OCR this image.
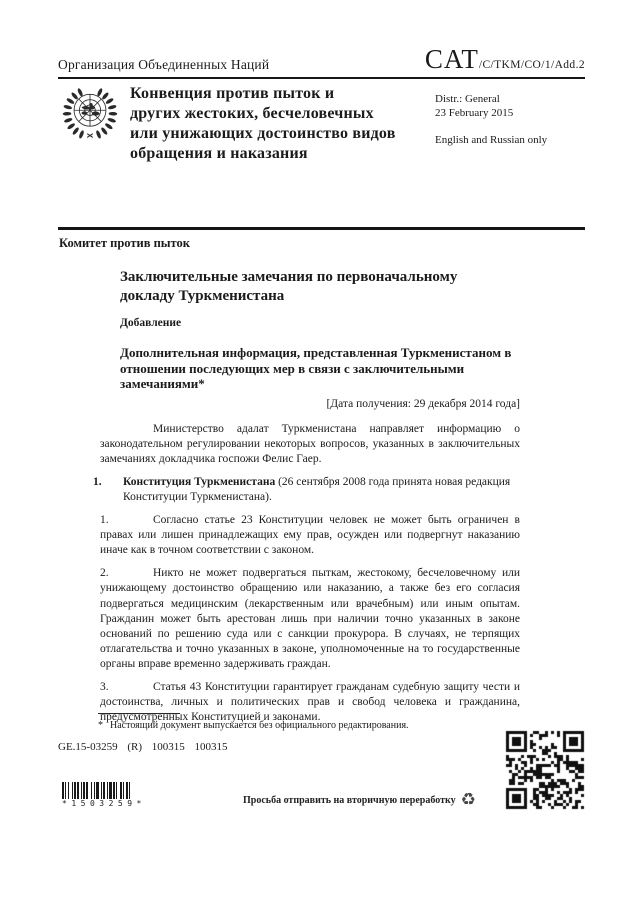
Организация Объединенных Наций	CAT/C/TKM/CO/1/Add.2
Конвенция против пыток и
других жестоких, бесчеловечных
или унижающих достоинство видов
обращения и наказания
Distr.: General
23 February 2015
English and Russian only
Комитет против пыток
Заключительные замечания по первоначальному
докладу Туркменистана
Добавление
Дополнительная информация, представленная Туркменистаном в отношении последующих мер в связи с заключительными замечаниями*
[Дата получения: 29 декабря 2014 года]

Министерство адалат Туркменистана направляет информацию о законодательном регулировании некоторых вопросов, указанных в заключительных замечаниях докладчика госпожи Фелис Гаер.

1. Конституция Туркменистана (26 сентября 2008 года принята новая редакция Конституции Туркменистана).

1.	Согласно статье 23 Конституции человек не может быть ограничен в правах или лишен принадлежащих ему прав, осужден или подвергнут наказанию иначе как в точном соответствии с законом.

2.	Никто не может подвергаться пыткам, жестокому, бесчеловечному или унижающему достоинство обращению или наказанию, а также без его согласия подвергаться медицинским (лекарственным или врачебным) или иным опытам. Гражданин может быть арестован лишь при наличии точно указанных в законе оснований по решению суда или с санкции прокурора. В случаях, не терпящих отлагательства и точно указанных в законе, уполномоченные на то государственные органы вправе временно задерживать граждан.

3.	Статья 43 Конституции гарантирует гражданам судебную защиту чести и достоинства, личных и политических прав и свобод человека и гражданина, предусмотренных Конституцией и законами.

* Настоящий документ выпускается без официального редактирования.
GE.15-03259 (R) 100315 100315
*1503259*	Просьба отправить на вторичную переработку ♻
